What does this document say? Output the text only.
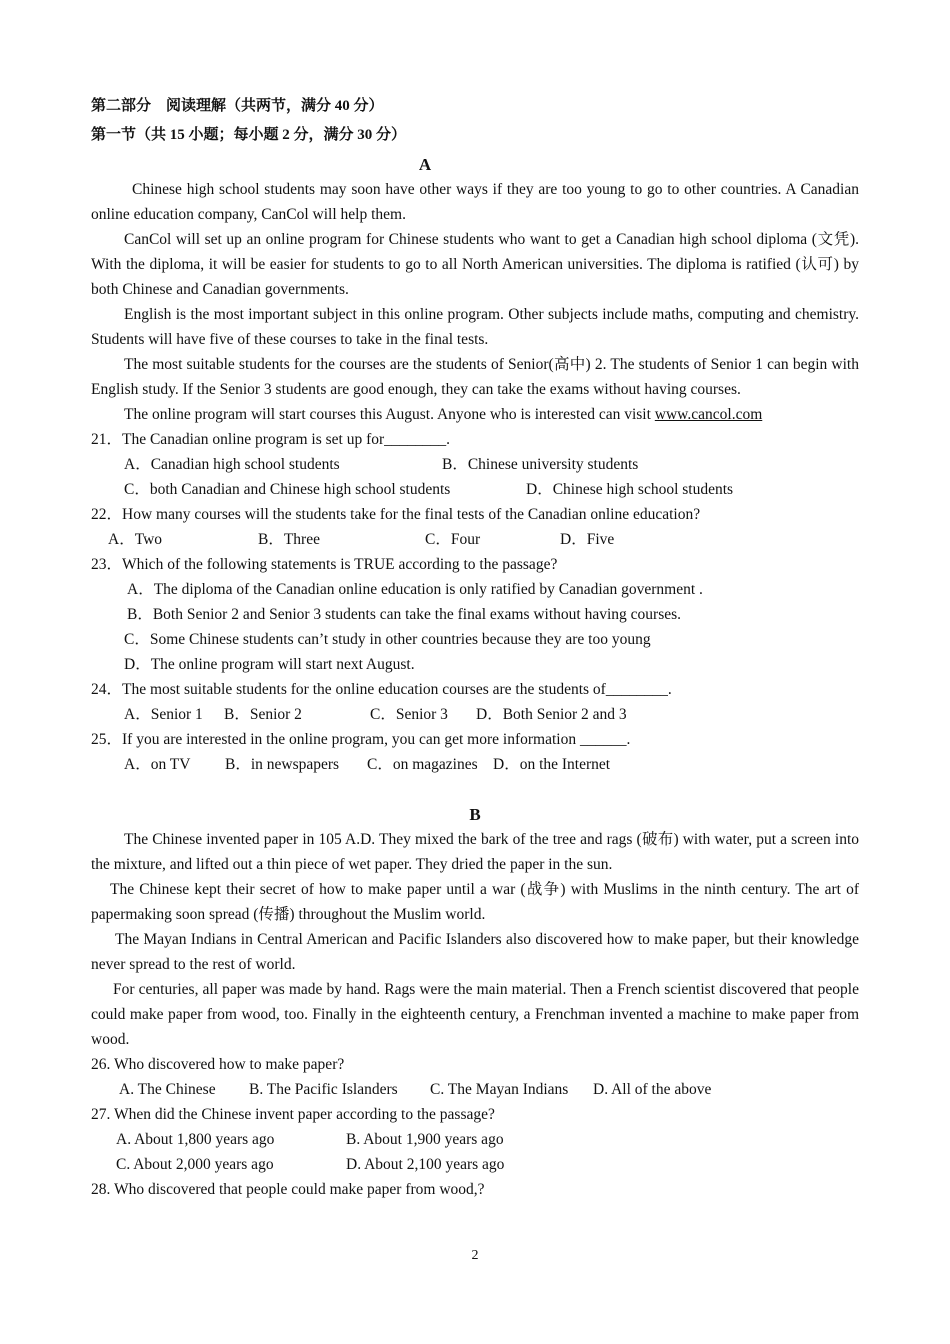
第二部分　阅读理解（共两节，满分 40 分）
第一节（共 15 小题；每小题 2 分，满分 30 分）
A
Chinese high school students may soon have other ways if they are too young to go to other countries. A Canadian online education company, CanCol will help them.
CanCol will set up an online program for Chinese students who want to get a Canadian high school diploma (文凭). With the diploma, it will be easier for students to go to all North American universities. The diploma is ratified (认可) by both Chinese and Canadian governments.
English is the most important subject in this online program. Other subjects include maths, computing and chemistry. Students will have five of these courses to take in the final tests.
The most suitable students for the courses are the students of Senior(高中) 2. The students of Senior 1 can begin with English study. If the Senior 3 students are good enough, they can take the exams without having courses.
The online program will start courses this August. Anyone who is interested can visit www.cancol.com
21．The Canadian online program is set up for________.
A．Canadian high school students	B．Chinese university students
C．both Canadian and Chinese high school students	D．Chinese high school students
22．How many courses will the students take for the final tests of the Canadian online education?
A．Two	B．Three	C．Four	D．Five
23．Which of the following statements is TRUE according to the passage?
A．The diploma of the Canadian online education is only ratified by Canadian government .
B．Both Senior 2 and Senior 3 students can take the final exams without having courses.
C．Some Chinese students can’t study in other countries because they are too young
D．The online program will start next August.
24．The most suitable students for the online education courses are the students of________.
A．Senior 1	B．Senior 2	C．Senior 3	D．Both Senior 2 and 3
25．If you are interested in the online program, you can get more information ______.
A．on TV	B．in newspapers	C．on magazines D．on the Internet
B
The Chinese invented paper in 105 A.D. They mixed the bark of the tree and rags (破布) with water, put a screen into the mixture, and lifted out a thin piece of wet paper. They dried the paper in the sun.
The Chinese kept their secret of how to make paper until a war (战争) with Muslims in the ninth century. The art of papermaking soon spread (传播) throughout the Muslim world.
The Mayan Indians in Central American and Pacific Islanders also discovered how to make paper, but their knowledge never spread to the rest of world.
For centuries, all paper was made by hand. Rags were the main material. Then a French scientist discovered that people could make paper from wood, too. Finally in the eighteenth century, a Frenchman invented a machine to make paper from wood.
26. Who discovered how to make paper?
A. The Chinese	B. The Pacific Islanders	C. The Mayan Indians	D. All of the above
27. When did the Chinese invent paper according to the passage?
A. About 1,800 years ago	B. About 1,900 years ago
C. About 2,000 years ago	D. About 2,100 years ago
28. Who discovered that people could make paper from wood,?
2
